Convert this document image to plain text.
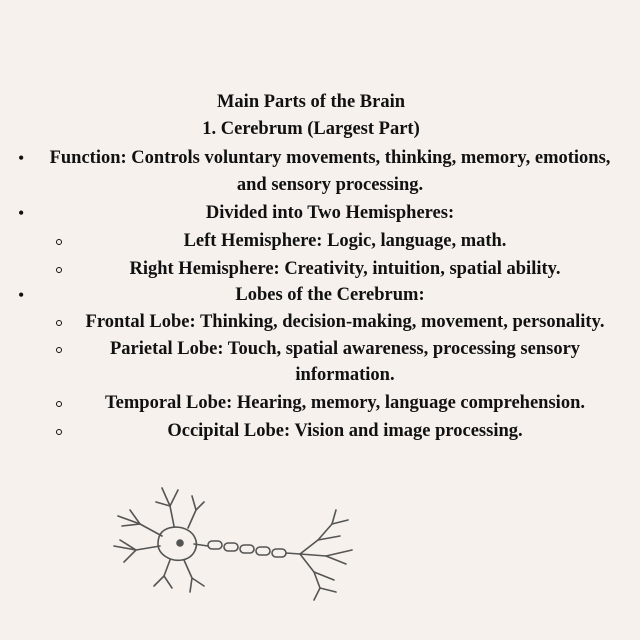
Main Parts of the Brain
1. Cerebrum (Largest Part)
•	Function: Controls voluntary movements, thinking, memory, emotions,
and sensory processing.
•	Divided into Two Hemispheres:
Left Hemisphere: Logic, language, math.
Right Hemisphere: Creativity, intuition, spatial ability.
•	Lobes of the Cerebrum:
Frontal Lobe: Thinking, decision-making, movement, personality.
Parietal Lobe: Touch, spatial awareness, processing sensory
information.
Temporal Lobe: Hearing, memory, language comprehension.
Occipital Lobe: Vision and image processing.
